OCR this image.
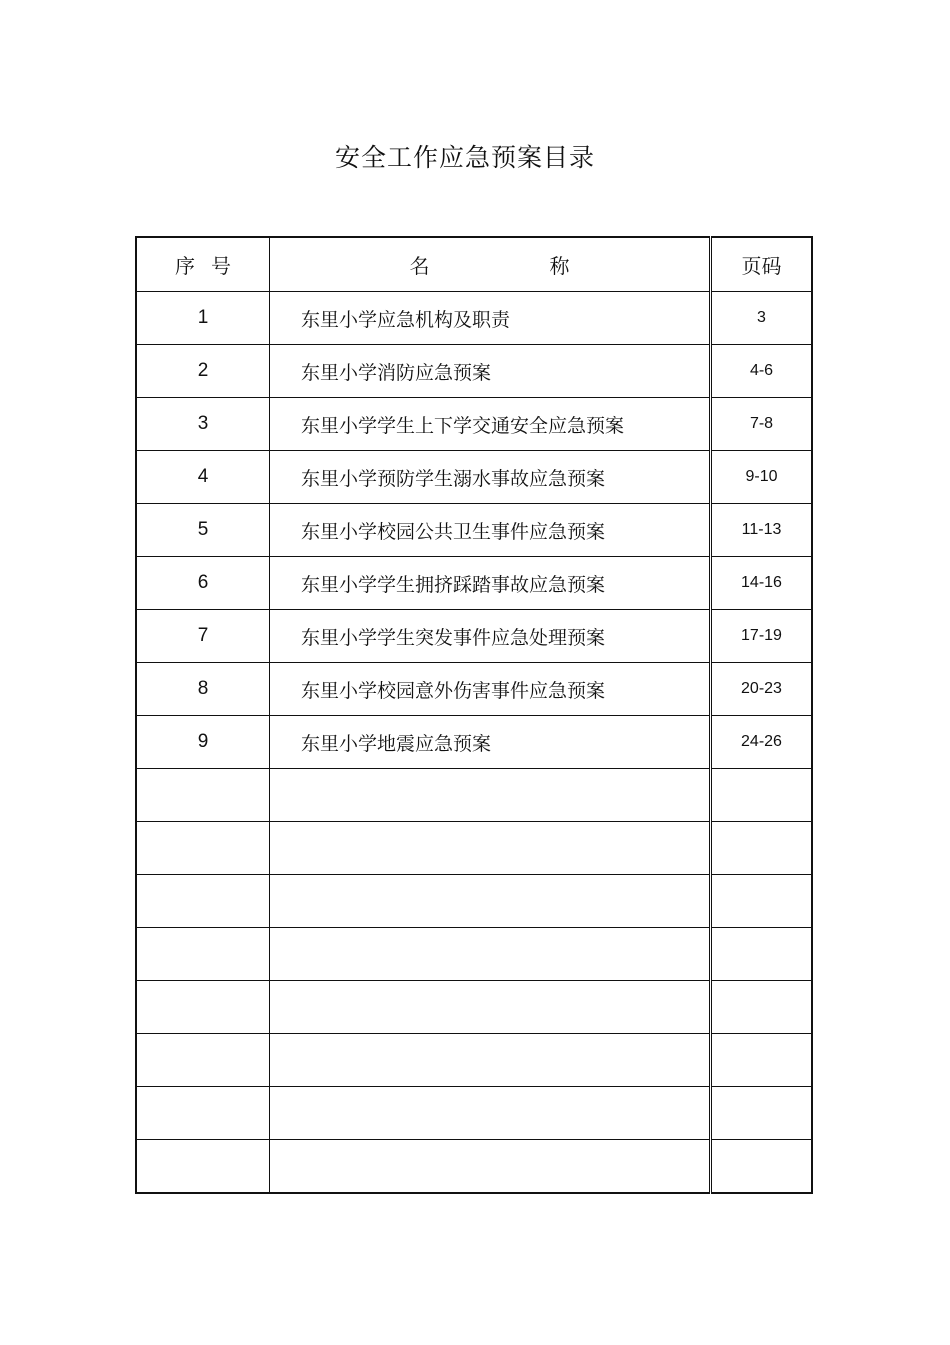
安全工作应急预案目录
序号	名 称	页码
1	东里小学应急机构及职责	3
2	东里小学消防应急预案	4-6
3	东里小学学生上下学交通安全应急预案	7-8
4	东里小学预防学生溺水事故应急预案	9-10
5	东里小学校园公共卫生事件应急预案	11-13
6	东里小学学生拥挤踩踏事故应急预案	14-16
7	东里小学学生突发事件应急处理预案	17-19
8	东里小学校园意外伤害事件应急预案	20-23
9	东里小学地震应急预案	24-26
